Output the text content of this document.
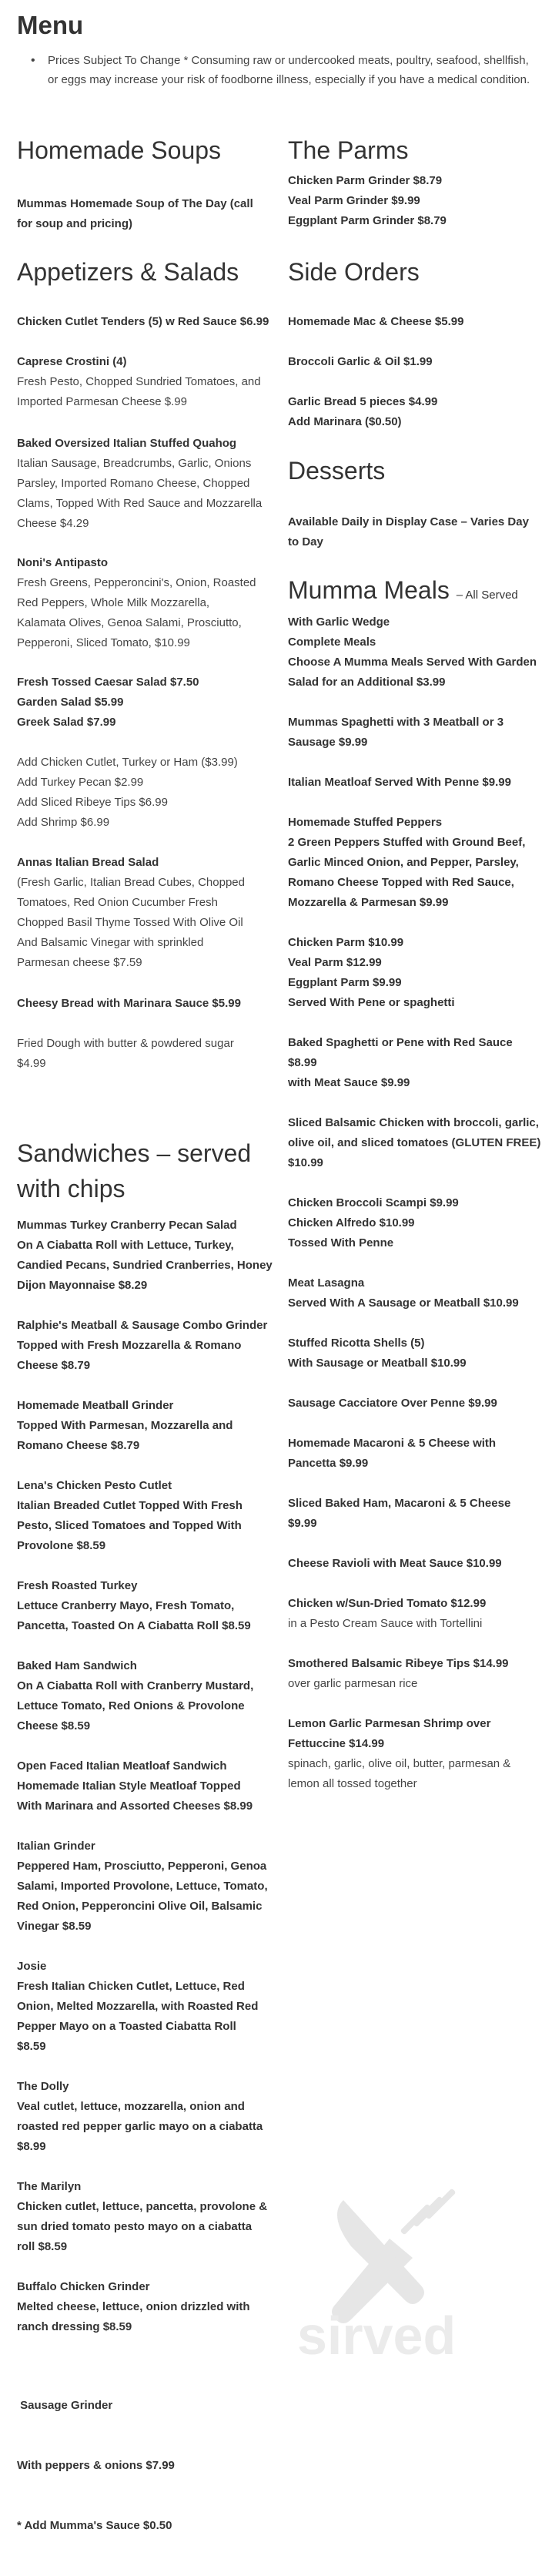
Menu
• Prices Subject To Change * Consuming raw or undercooked meats, poultry, seafood, shellfish, or eggs may increase your risk of foodborne illness, especially if you have a medical condition.
Homemade Soups
Mummas Homemade Soup of The Day (call
for soup and pricing)
Appetizers & Salads
Chicken Cutlet Tenders (5) w Red Sauce $6.99
Caprese Crostini (4)
Fresh Pesto, Chopped Sundried Tomatoes, and
Imported Parmesan Cheese $.99
Baked Oversized Italian Stuffed Quahog
Italian Sausage, Breadcrumbs, Garlic, Onions
Parsley, Imported Romano Cheese, Chopped
Clams, Topped With Red Sauce and Mozzarella
Cheese $4.29
Noni's Antipasto
Fresh Greens, Pepperoncini's, Onion, Roasted
Red Peppers, Whole Milk Mozzarella,
Kalamata Olives, Genoa Salami, Prosciutto,
Pepperoni, Sliced Tomato, $10.99
Fresh Tossed Caesar Salad $7.50
Garden Salad $5.99
Greek Salad $7.99
Add Chicken Cutlet, Turkey or Ham ($3.99)
Add Turkey Pecan $2.99
Add Sliced Ribeye Tips $6.99
Add Shrimp $6.99
Annas Italian Bread Salad
(Fresh Garlic, Italian Bread Cubes, Chopped
Tomatoes, Red Onion Cucumber Fresh
Chopped Basil Thyme Tossed With Olive Oil
And Balsamic Vinegar with sprinkled
Parmesan cheese $7.59
Cheesy Bread with Marinara Sauce $5.99
Fried Dough with butter & powdered sugar
$4.99
Sandwiches – served
with chips
Mummas Turkey Cranberry Pecan Salad
On A Ciabatta Roll with Lettuce, Turkey,
Candied Pecans, Sundried Cranberries, Honey
Dijon Mayonnaise $8.29
Ralphie's Meatball & Sausage Combo Grinder
Topped with Fresh Mozzarella & Romano
Cheese $8.79
Homemade Meatball Grinder
Topped With Parmesan, Mozzarella and
Romano Cheese $8.79
Lena's Chicken Pesto Cutlet
Italian Breaded Cutlet Topped With Fresh
Pesto, Sliced Tomatoes and Topped With
Provolone $8.59
Fresh Roasted Turkey
Lettuce Cranberry Mayo, Fresh Tomato,
Pancetta, Toasted On A Ciabatta Roll $8.59
Baked Ham Sandwich
On A Ciabatta Roll with Cranberry Mustard,
Lettuce Tomato, Red Onions & Provolone
Cheese $8.59
Open Faced Italian Meatloaf Sandwich
Homemade Italian Style Meatloaf Topped
With Marinara and Assorted Cheeses $8.99
Italian Grinder
Peppered Ham, Prosciutto, Pepperoni, Genoa
Salami, Imported Provolone, Lettuce, Tomato,
Red Onion, Pepperoncini Olive Oil, Balsamic
Vinegar $8.59
Josie
Fresh Italian Chicken Cutlet, Lettuce, Red
Onion, Melted Mozzarella, with Roasted Red
Pepper Mayo on a Toasted Ciabatta Roll
$8.59
The Dolly
Veal cutlet, lettuce, mozzarella, onion and
roasted red pepper garlic mayo on a ciabatta
$8.99
The Marilyn
Chicken cutlet, lettuce, pancetta, provolone &
sun dried tomato pesto mayo on a ciabatta
roll $8.59
Buffalo Chicken Grinder
Melted cheese, lettuce, onion drizzled with
ranch dressing $8.59

Sausage Grinder

With peppers & onions $7.99

* Add Mumma's Sauce $0.50

The Parms
Chicken Parm Grinder $8.79
Veal Parm Grinder $9.99
Eggplant Parm Grinder $8.79
Side Orders
Homemade Mac & Cheese $5.99
Broccoli Garlic & Oil $1.99
Garlic Bread 5 pieces $4.99
Add Marinara ($0.50)
Desserts
Available Daily in Display Case – Varies Day
to Day
Mumma Meals – All Served
With Garlic Wedge
Complete Meals
Choose A Mumma Meals Served With Garden
Salad for an Additional $3.99
Mummas Spaghetti with 3 Meatball or 3
Sausage $9.99
Italian Meatloaf Served With Penne $9.99
Homemade Stuffed Peppers
2 Green Peppers Stuffed with Ground Beef,
Garlic Minced Onion, and Pepper, Parsley,
Romano Cheese Topped with Red Sauce,
Mozzarella & Parmesan $9.99
Chicken Parm $10.99
Veal Parm $12.99
Eggplant Parm $9.99
Served With Pene or spaghetti
Baked Spaghetti or Pene with Red Sauce
$8.99
with Meat Sauce $9.99
Sliced Balsamic Chicken with broccoli, garlic,
olive oil, and sliced tomatoes (GLUTEN FREE)
$10.99
Chicken Broccoli Scampi $9.99
Chicken Alfredo $10.99
Tossed With Penne
Meat Lasagna
Served With A Sausage or Meatball $10.99
Stuffed Ricotta Shells (5)
With Sausage or Meatball $10.99
Sausage Cacciatore Over Penne $9.99
Homemade Macaroni & 5 Cheese with
Pancetta $9.99
Sliced Baked Ham, Macaroni & 5 Cheese
$9.99
Cheese Ravioli with Meat Sauce $10.99
Chicken w/Sun-Dried Tomato $12.99
in a Pesto Cream Sauce with Tortellini
Smothered Balsamic Ribeye Tips $14.99
over garlic parmesan rice
Lemon Garlic Parmesan Shrimp over
Fettuccine $14.99
spinach, garlic, olive oil, butter, parmesan &
lemon all tossed together
sirved
